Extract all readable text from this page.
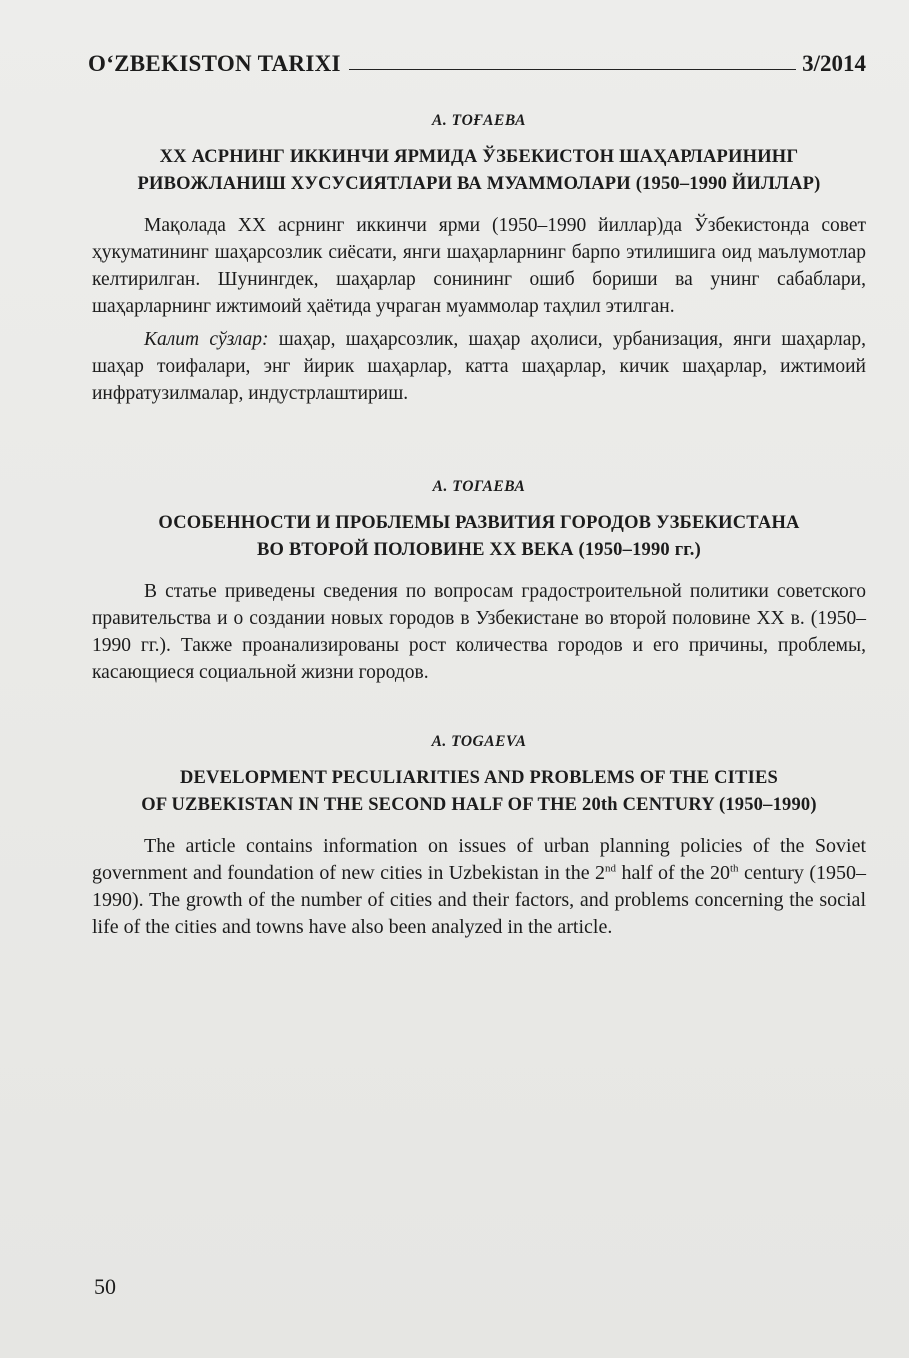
O‘ZBEKISTON TARIXI	3/2014

А. ТОҒАЕВА

XX АСРНИНГ ИККИНЧИ ЯРМИДА ЎЗБЕКИСТОН ШАҲАРЛАРИНИНГ
РИВОЖЛАНИШ ХУСУСИЯТЛАРИ ВА МУАММОЛАРИ (1950–1990 ЙИЛЛАР)

Мақолада XX асрнинг иккинчи ярми (1950–1990 йиллар)да Ўзбекистонда совет ҳукуматининг шаҳарсозлик сиёсати, янги шаҳарларнинг барпо этилишига оид маълумотлар келтирилган. Шунингдек, шаҳарлар сонининг ошиб бориши ва унинг сабаблари, шаҳарларнинг ижтимоий ҳаётида учраган муаммолар таҳлил этилган.

Калит сўзлар: шаҳар, шаҳарсозлик, шаҳар аҳолиси, урбанизация, янги шаҳарлар, шаҳар тоифалари, энг йирик шаҳарлар, катта шаҳарлар, кичик шаҳарлар, ижтимоий инфратузилмалар, индустрлаштириш.

А. ТОГАЕВА

ОСОБЕННОСТИ И ПРОБЛЕМЫ РАЗВИТИЯ ГОРОДОВ УЗБЕКИСТАНА
ВО ВТОРОЙ ПОЛОВИНЕ XX ВЕКА (1950–1990 гг.)

В статье приведены сведения по вопросам градостроительной политики советского правительства и о создании новых городов в Узбекистане во второй половине XX в. (1950–1990 гг.). Также проанализированы рост количества городов и его причины, проблемы, касающиеся социальной жизни городов.

A. TOGAEVA

DEVELOPMENT PECULIARITIES AND PROBLEMS OF THE CITIES
OF UZBEKISTAN IN THE SECOND HALF OF THE 20th CENTURY (1950–1990)

The article contains information on issues of urban planning policies of the Soviet government and foundation of new cities in Uzbekistan in the 2nd half of the 20th century (1950–1990). The growth of the number of cities and their factors, and problems concerning the social life of the cities and towns have also been analyzed in the article.

50
